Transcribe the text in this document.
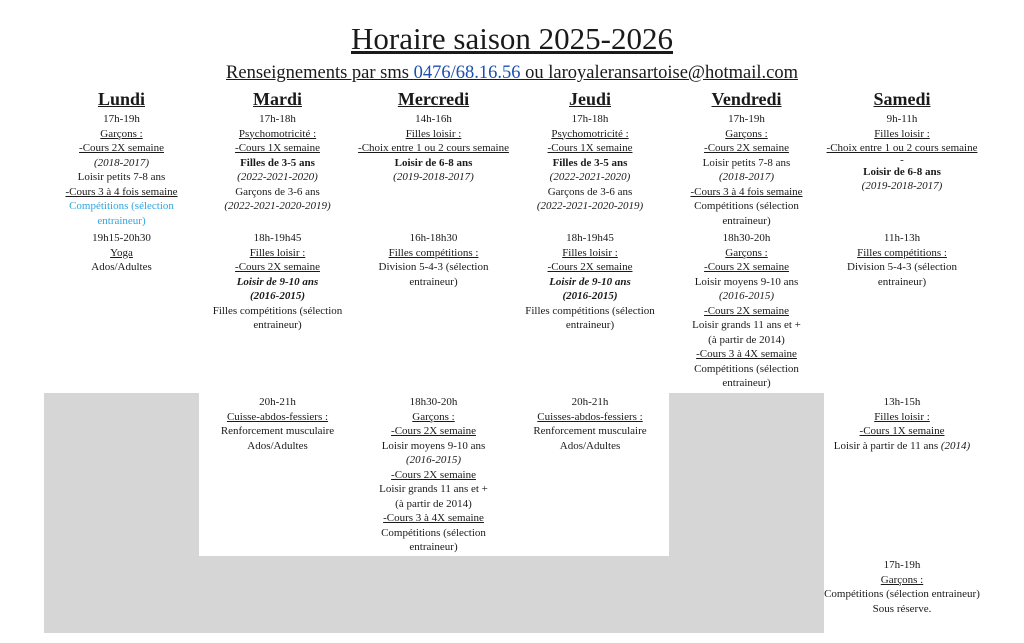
Horaire saison 2025-2026
Renseignements par sms 0476/68.16.56 ou laroyaleransartoise@hotmail.com
Lundi
17h-19h
Garçons :
-Cours 2X semaine
(2018-2017)
Loisir petits 7-8 ans
-Cours 3 à 4 fois semaine
Compétitions (sélection entraineur)
19h15-20h30
Yoga
Ados/Adultes
Mardi
17h-18h
Psychomotricité :
-Cours 1X semaine
Filles de 3-5 ans
(2022-2021-2020)
Garçons de 3-6 ans
(2022-2021-2020-2019)
18h-19h45
Filles loisir :
-Cours 2X semaine
Loisir de 9-10 ans
(2016-2015)
Filles compétitions (sélection entraineur)
20h-21h
Cuisse-abdos-fessiers :
Renforcement musculaire
Ados/Adultes
Mercredi
14h-16h
Filles loisir :
-Choix entre 1 ou 2 cours semaine
Loisir de 6-8 ans
(2019-2018-2017)
16h-18h30
Filles compétitions :
Division 5-4-3 (sélection entraineur)
18h30-20h
Garçons :
-Cours 2X semaine
Loisir moyens 9-10 ans
(2016-2015)
-Cours 2X semaine
Loisir grands 11 ans et + (à partir de 2014)
-Cours 3 à 4X semaine
Compétitions (sélection entraineur)
Jeudi
17h-18h
Psychomotricité :
-Cours 1X semaine
Filles de 3-5 ans
(2022-2021-2020)
Garçons de 3-6 ans
(2022-2021-2020-2019)
18h-19h45
Filles loisir :
-Cours 2X semaine
Loisir de 9-10 ans
(2016-2015)
Filles compétitions (sélection entraineur)
20h-21h
Cuisses-abdos-fessiers :
Renforcement musculaire
Ados/Adultes
Vendredi
17h-19h
Garçons :
-Cours 2X semaine
Loisir petits 7-8 ans
(2018-2017)
-Cours 3 à 4 fois semaine
Compétitions (sélection entraineur)
18h30-20h
Garçons :
-Cours 2X semaine
Loisir moyens 9-10 ans
(2016-2015)
-Cours 2X semaine
Loisir grands 11 ans et + (à partir de 2014)
-Cours 3 à 4X semaine
Compétitions (sélection entraineur)
Samedi
9h-11h
Filles loisir :
-Choix entre 1 ou 2 cours semaine
-
Loisir de 6-8 ans
(2019-2018-2017)
11h-13h
Filles compétitions :
Division 5-4-3 (sélection entraineur)
13h-15h
Filles loisir :
-Cours 1X semaine
Loisir à partir de 11 ans (2014)
17h-19h
Garçons :
Compétitions (sélection entraineur)
Sous réserve.
